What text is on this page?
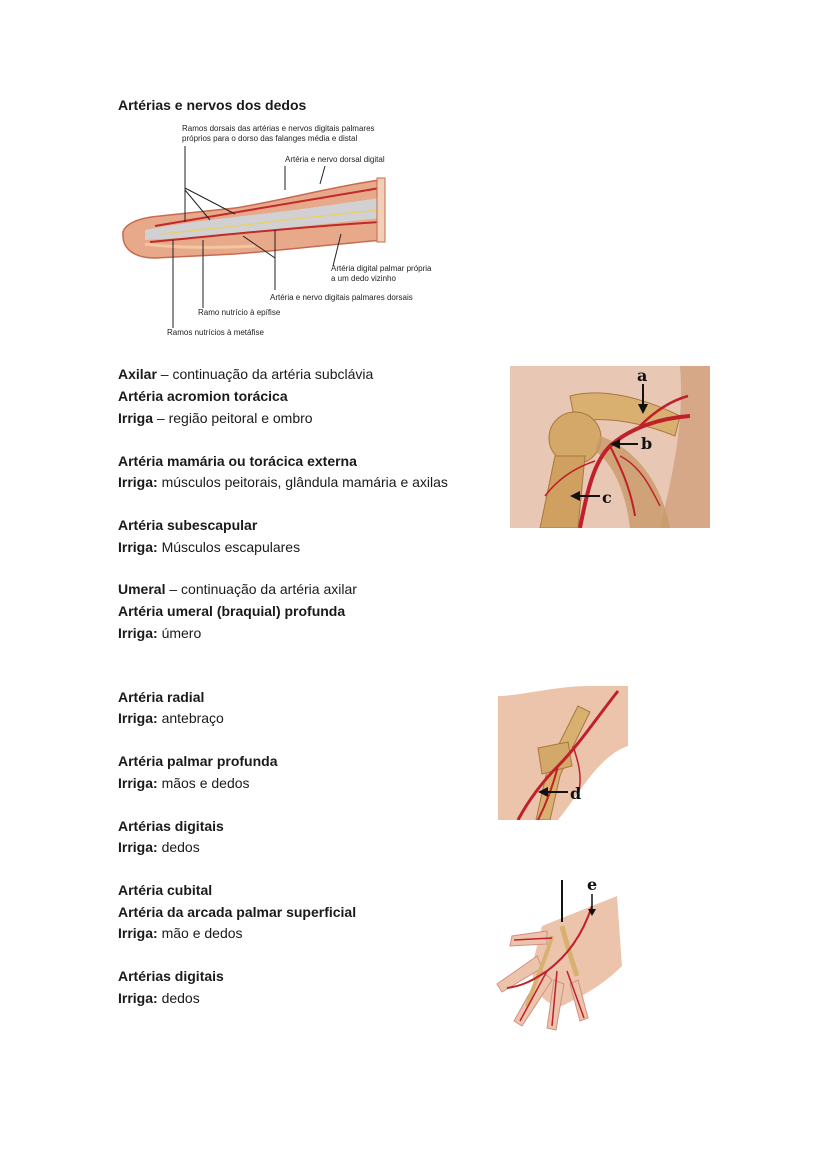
Artérias e nervos dos dedos
Ramos dorsais das artérias e nervos digitais palmares
próprios para o dorso das falanges média e distal
Artéria e nervo dorsal digital
Artéria digital palmar própria
a um dedo vizinho
Artéria e nervo digitais palmares dorsais
Ramo nutrício à epífise
Ramos nutrícios à metáfise
a
b
c
d
e
Axilar – continuação da artéria subclávia
Artéria acromion torácica
Irriga – região peitoral e ombro
Artéria mamária ou torácica externa
Irriga: músculos peitorais, glândula mamária e axilas
Artéria subescapular
Irriga: Músculos escapulares
Umeral – continuação da artéria axilar
Artéria umeral (braquial) profunda
Irriga: úmero
Artéria radial
Irriga: antebraço
Artéria palmar profunda
Irriga: mãos e dedos
Artérias digitais
Irriga: dedos
Artéria cubital
Artéria da arcada palmar superficial
Irriga: mão e dedos
Artérias digitais
Irriga: dedos
